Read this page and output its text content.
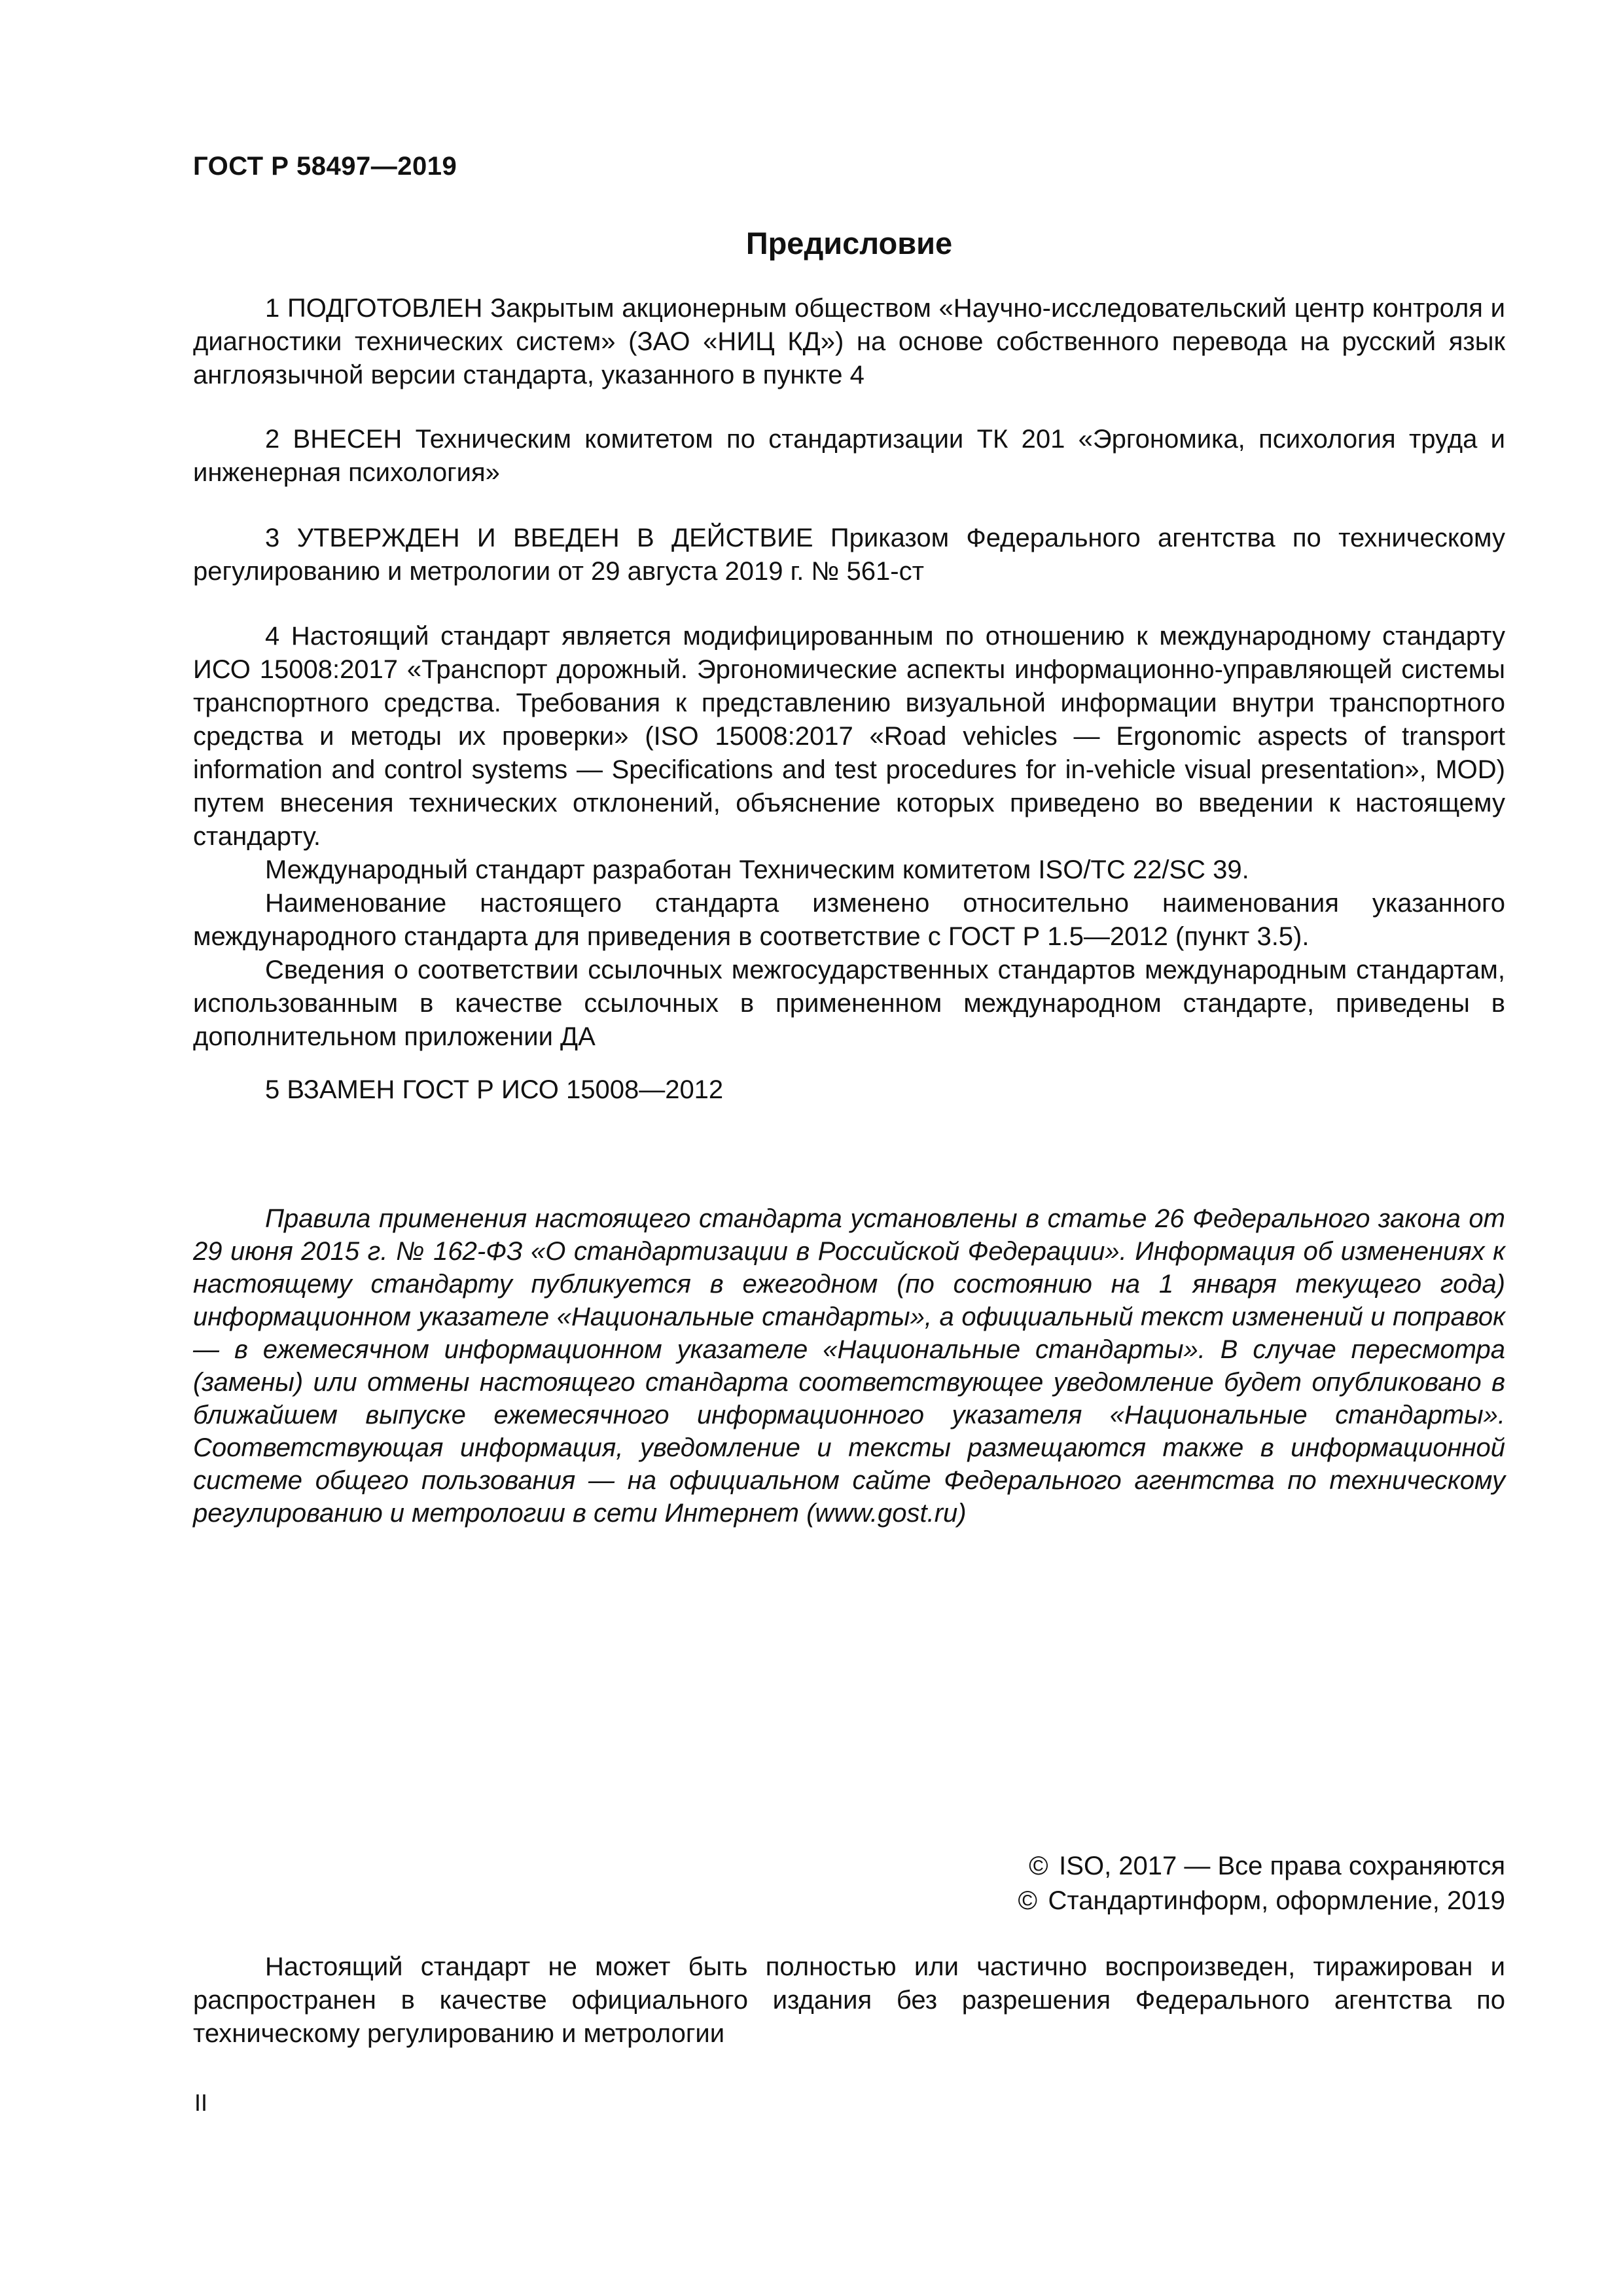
ГОСТ Р 58497—2019
Предисловие

1 ПОДГОТОВЛЕН Закрытым акционерным обществом «Научно-исследовательский центр контроля и диагностики технических систем» (ЗАО «НИЦ КД») на основе собственного перевода на русский язык англоязычной версии стандарта, указанного в пункте 4

2 ВНЕСЕН Техническим комитетом по стандартизации ТК 201 «Эргономика, психология труда и инженерная психология»

3 УТВЕРЖДЕН И ВВЕДЕН В ДЕЙСТВИЕ Приказом Федерального агентства по техническому регулированию и метрологии от 29 августа 2019 г. № 561-ст

4 Настоящий стандарт является модифицированным по отношению к международному стандарту ИСО 15008:2017 «Транспорт дорожный. Эргономические аспекты информационно-управляющей системы транспортного средства. Требования к представлению визуальной информации внутри транспортного средства и методы их проверки» (ISO 15008:2017 «Road vehicles — Ergonomic aspects of transport information and control systems — Specifications and test procedures for in-vehicle visual presentation», MOD) путем внесения технических отклонений, объяснение которых приведено во введении к настоящему стандарту.

Международный стандарт разработан Техническим комитетом ISO/TC 22/SC 39.

Наименование настоящего стандарта изменено относительно наименования указанного международного стандарта для приведения в соответствие с ГОСТ Р 1.5—2012 (пункт 3.5).

Сведения о соответствии ссылочных межгосударственных стандартов международным стандартам, использованным в качестве ссылочных в примененном международном стандарте, приведены в дополнительном приложении ДА

5 ВЗАМЕН ГОСТ Р ИСО 15008—2012

Правила применения настоящего стандарта установлены в статье 26 Федерального закона от 29 июня 2015 г. № 162-ФЗ «О стандартизации в Российской Федерации». Информация об изменениях к настоящему стандарту публикуется в ежегодном (по состоянию на 1 января текущего года) информационном указателе «Национальные стандарты», а официальный текст изменений и поправок — в ежемесячном информационном указателе «Национальные стандарты». В случае пересмотра (замены) или отмены настоящего стандарта соответствующее уведомление будет опубликовано в ближайшем выпуске ежемесячного информационного указателя «Национальные стандарты». Соответствующая информация, уведомление и тексты размещаются также в информационной системе общего пользования — на официальном сайте Федерального агентства по техническому регулированию и метрологии в сети Интернет (www.gost.ru)

© ISO, 2017 — Все права сохраняются
© Стандартинформ, оформление, 2019

Настоящий стандарт не может быть полностью или частично воспроизведен, тиражирован и распространен в качестве официального издания без разрешения Федерального агентства по техническому регулированию и метрологии

II
